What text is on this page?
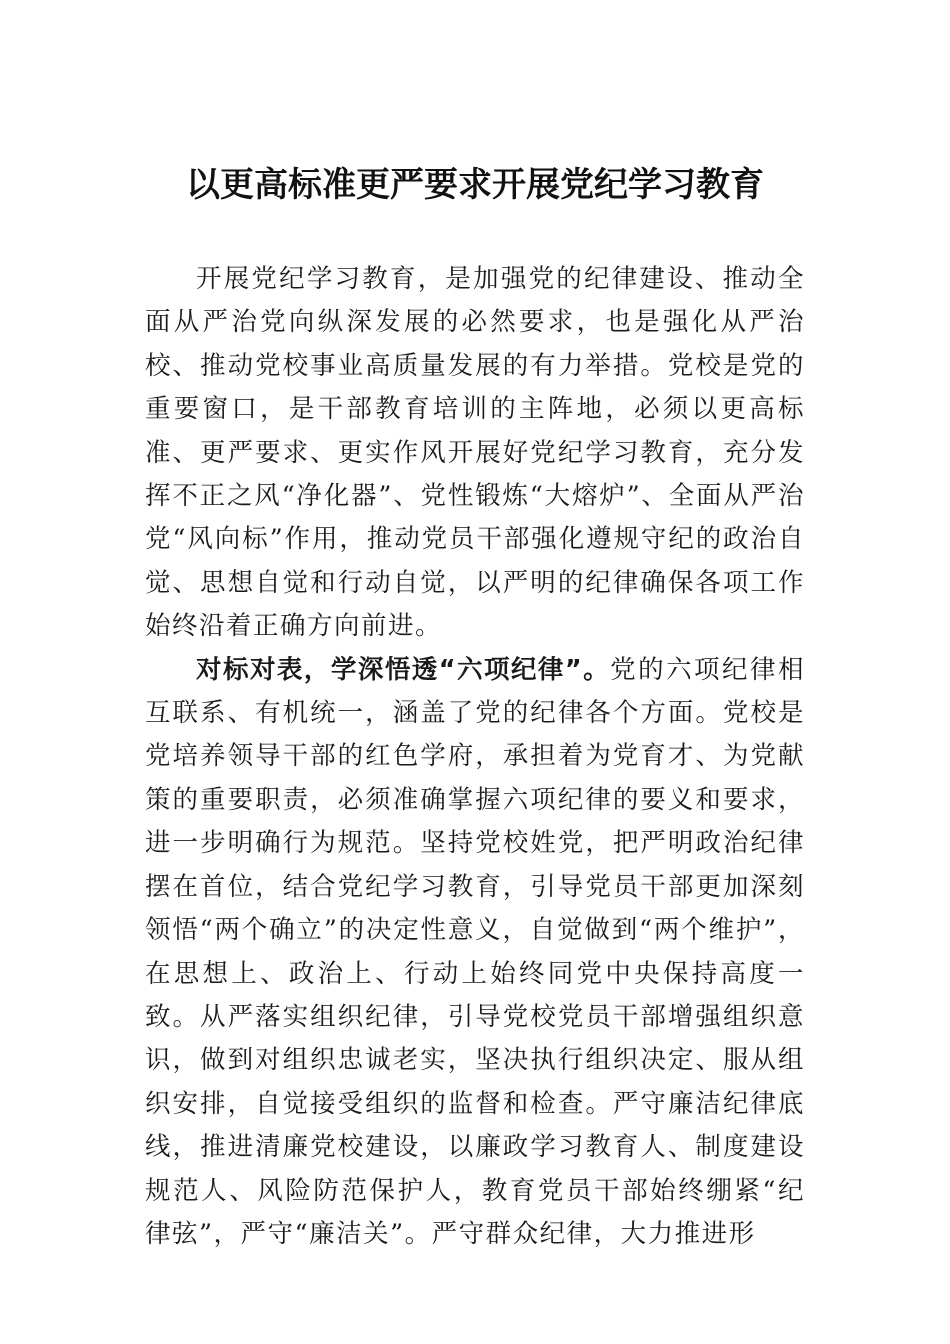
以更高标准更严要求开展党纪学习教育

开展党纪学习教育，是加强党的纪律建设、推动全面从严治党向纵深发展的必然要求，也是强化从严治校、推动党校事业高质量发展的有力举措。党校是党的重要窗口，是干部教育培训的主阵地，必须以更高标准、更严要求、更实作风开展好党纪学习教育，充分发挥不正之风“净化器”、党性锻炼“大熔炉”、全面从严治党“风向标”作用，推动党员干部强化遵规守纪的政治自觉、思想自觉和行动自觉，以严明的纪律确保各项工作始终沿着正确方向前进。

对标对表，学深悟透“六项纪律”。党的六项纪律相互联系、有机统一，涵盖了党的纪律各个方面。党校是党培养领导干部的红色学府，承担着为党育才、为党献策的重要职责，必须准确掌握六项纪律的要义和要求，进一步明确行为规范。坚持党校姓党，把严明政治纪律摆在首位，结合党纪学习教育，引导党员干部更加深刻领悟“两个确立”的决定性意义，自觉做到“两个维护”，在思想上、政治上、行动上始终同党中央保持高度一致。从严落实组织纪律，引导党校党员干部增强组织意识，做到对组织忠诚老实，坚决执行组织决定、服从组织安排，自觉接受组织的监督和检查。严守廉洁纪律底线，推进清廉党校建设，以廉政学习教育人、制度建设规范人、风险防范保护人，教育党员干部始终绷紧“纪律弦”，严守“廉洁关”。严守群众纪律，大力推进形
